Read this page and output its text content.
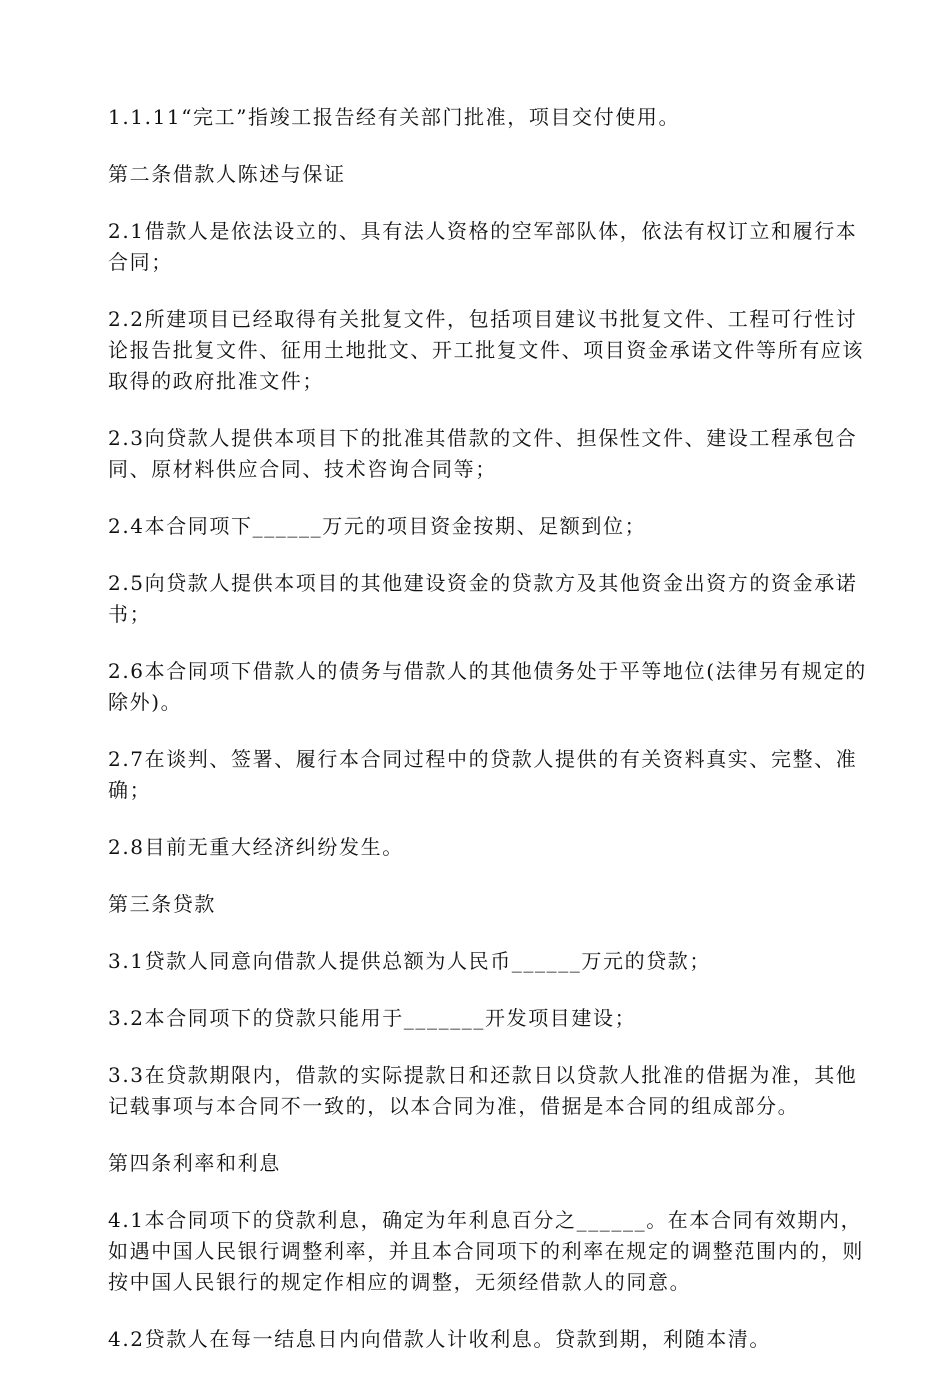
1.1.11“完工”指竣工报告经有关部门批准，项目交付使用。

第二条借款人陈述与保证

2.1借款人是依法设立的、具有法人资格的空军部队体，依法有权订立和履行本合同；

2.2所建项目已经取得有关批复文件，包括项目建议书批复文件、工程可行性讨论报告批复文件、征用土地批文、开工批复文件、项目资金承诺文件等所有应该取得的政府批准文件；

2.3向贷款人提供本项目下的批准其借款的文件、担保性文件、建设工程承包合同、原材料供应合同、技术咨询合同等；

2.4本合同项下______万元的项目资金按期、足额到位；

2.5向贷款人提供本项目的其他建设资金的贷款方及其他资金出资方的资金承诺书；

2.6本合同项下借款人的债务与借款人的其他债务处于平等地位(法律另有规定的除外)。

2.7在谈判、签署、履行本合同过程中的贷款人提供的有关资料真实、完整、准确；

2.8目前无重大经济纠纷发生。

第三条贷款

3.1贷款人同意向借款人提供总额为人民币______万元的贷款；

3.2本合同项下的贷款只能用于_______开发项目建设；

3.3在贷款期限内，借款的实际提款日和还款日以贷款人批准的借据为准，其他记载事项与本合同不一致的，以本合同为准，借据是本合同的组成部分。

第四条利率和利息

4.1本合同项下的贷款利息，确定为年利息百分之______。在本合同有效期内，如遇中国人民银行调整利率，并且本合同项下的利率在规定的调整范围内的，则按中国人民银行的规定作相应的调整，无须经借款人的同意。

4.2贷款人在每一结息日内向借款人计收利息。贷款到期，利随本清。
